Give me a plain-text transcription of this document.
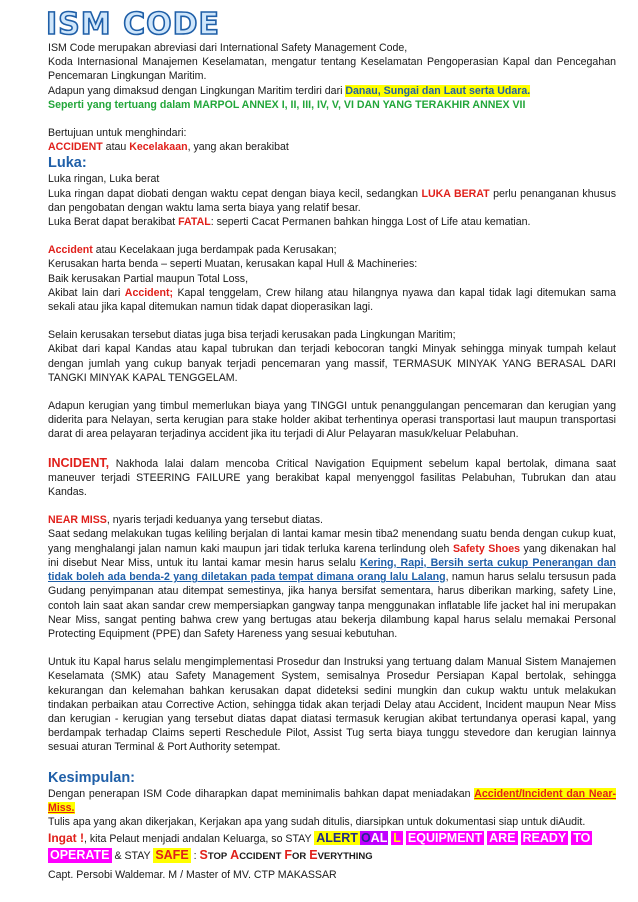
ISM CODE

ISM Code merupakan abreviasi dari International Safety Management Code,

Koda Internasional Manajemen Keselamatan, mengatur tentang Keselamatan Pengoperasian Kapal dan Pencegahan Pencemaran Lingkungan Maritim.

Adapun yang dimaksud dengan Lingkungan Maritim terdiri dari Danau, Sungai dan Laut serta Udara.

Seperti yang tertuang dalam MARPOL ANNEX I, II, III, IV, V, VI DAN YANG TERAKHIR ANNEX VII

Bertujuan untuk menghindari:

ACCIDENT atau Kecelakaan, yang akan berakibat

Luka:

Luka ringan, Luka berat

Luka ringan dapat diobati dengan waktu cepat dengan biaya kecil, sedangkan LUKA BERAT perlu penanganan khusus dan pengobatan dengan waktu lama serta biaya yang relatif besar.

Luka Berat dapat berakibat FATAL: seperti Cacat Permanen bahkan hingga Lost of Life atau kematian.

Accident atau Kecelakaan juga berdampak pada Kerusakan;

Kerusakan harta benda – seperti Muatan, kerusakan kapal Hull & Machineries:

Baik kerusakan Partial maupun Total Loss,

Akibat lain dari Accident; Kapal tenggelam, Crew hilang atau hilangnya nyawa dan kapal tidak lagi ditemukan sama sekali atau jika kapal ditemukan namun tidak dapat dioperasikan lagi.

Selain kerusakan tersebut diatas juga bisa terjadi kerusakan pada Lingkungan Maritim;

Akibat dari kapal Kandas atau kapal tubrukan dan terjadi kebocoran tangki Minyak sehingga minyak tumpah kelaut dengan jumlah yang cukup banyak terjadi pencemaran yang massif, TERMASUK MINYAK YANG BERASAL DARI TANGKI MINYAK KAPAL TENGGELAM.

Adapun kerugian yang timbul memerlukan biaya yang TINGGI untuk penanggulangan pencemaran dan kerugian yang diderita para Nelayan, serta kerugian para stake holder akibat terhentinya operasi transportasi laut maupun transportasi darat di area pelayaran terjadinya accident jika itu terjadi di Alur Pelayaran masuk/keluar Pelabuhan.

INCIDENT, Nakhoda lalai dalam mencoba Critical Navigation Equipment sebelum kapal bertolak, dimana saat maneuver terjadi STEERING FAILURE yang berakibat kapal menyenggol fasilitas Pelabuhan, Tubrukan dan atau Kandas.

NEAR MISS, nyaris terjadi keduanya yang tersebut diatas.

Saat sedang melakukan tugas keliling berjalan di lantai kamar mesin tiba2 menendang suatu benda dengan cukup kuat, yang menghalangi jalan namun kaki maupun jari tidak terluka karena terlindung oleh Safety Shoes yang dikenakan hal ini disebut Near Miss, untuk itu lantai kamar mesin harus selalu Kering, Rapi, Bersih serta cukup Penerangan dan tidak boleh ada benda-2 yang diletakan pada tempat dimana orang lalu Lalang, namun harus selalu tersusun pada Gudang penyimpanan atau ditempat semestinya, jika hanya bersifat sementara, harus diberikan marking, safety Line, contoh lain saat akan sandar crew mempersiapkan gangway tanpa menggunakan inflatable life jacket hal ini merupakan Near Miss, sangat penting bahwa crew yang bertugas atau bekerja dilambung kapal harus selalu memakai Personal Protecting Equipment (PPE) dan Safety Hareness yang sesuai kebutuhan.

Untuk itu Kapal harus selalu mengimplementasi Prosedur dan Instruksi yang tertuang dalam Manual Sistem Manajemen Keselamata (SMK) atau Safety Management System, semisalnya Prosedur Persiapan Kapal bertolak, sehingga kekurangan dan kelemahan bahkan kerusakan dapat dideteksi sedini mungkin dan cukup waktu untuk melakukan tindakan perbaikan atau Corrective Action, sehingga tidak akan terjadi Delay atau Accident, Incident maupun Near Miss dan kerugian - kerugian yang tersebut diatas dapat diatasi termasuk kerugian akibat tertundanya operasi kapal, yang berdampak terhadap Claims seperti Reschedule Pilot, Assist Tug serta biaya tunggu stevedore dan kerugian lainnya sesuai aturan Terminal & Port Authority setempat.

Kesimpulan:

Dengan penerapan ISM Code diharapkan dapat meminimalis bahkan dapat meniadakan Accident/Incident dan Near-Miss.

Tulis apa yang akan dikerjakan, Kerjakan apa yang sudah ditulis, diarsipkan untuk dokumentasi siap untuk diAudit.

Ingat !, kita Pelaut menjadi andalan Keluarga, so STAY ALERT OAL L EQUIPMENT ARE READY TO

OPERATE & STAY SAFE : STOP ACCIDENT FOR EVERYTHING

Capt. Persobi Waldemar. M / Master of MV. CTP MAKASSAR
